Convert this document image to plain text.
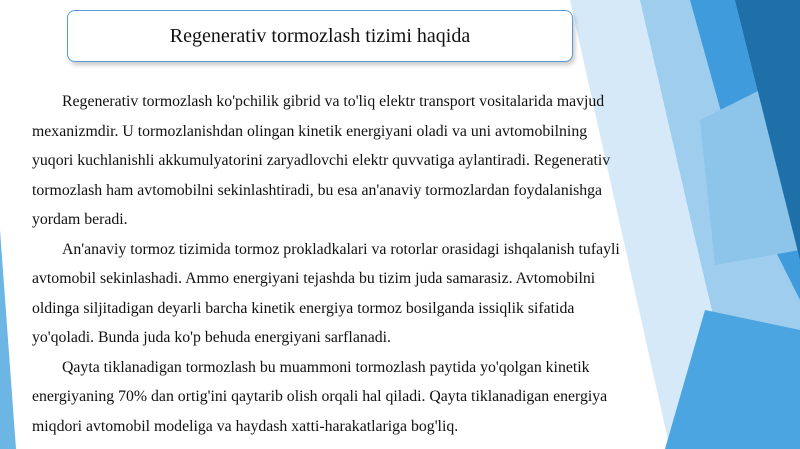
Regenerativ tormozlash tizimi haqida

Regenerativ tormozlash ko'pchilik gibrid va to'liq elektr transport vositalarida mavjud mexanizmdir. U tormozlanishdan olingan kinetik energiyani oladi va uni avtomobilning yuqori kuchlanishli akkumulyatorini zaryadlovchi elektr quvvatiga aylantiradi. Regenerativ tormozlash ham avtomobilni sekinlashtiradi, bu esa an'anaviy tormozlardan foydalanishga yordam beradi.

An'anaviy tormoz tizimida tormoz prokladkalari va rotorlar orasidagi ishqalanish tufayli avtomobil sekinlashadi. Ammo energiyani tejashda bu tizim juda samarasiz. Avtomobilni oldinga siljitadigan deyarli barcha kinetik energiya tormoz bosilganda issiqlik sifatida yo'qoladi. Bunda juda ko'p behuda energiyani sarflanadi.

Qayta tiklanadigan tormozlash bu muammoni tormozlash paytida yo'qolgan kinetik energiyaning 70% dan ortig'ini qaytarib olish orqali hal qiladi. Qayta tiklanadigan energiya miqdori avtomobil modeliga va haydash xatti-harakatlariga bog'liq.
